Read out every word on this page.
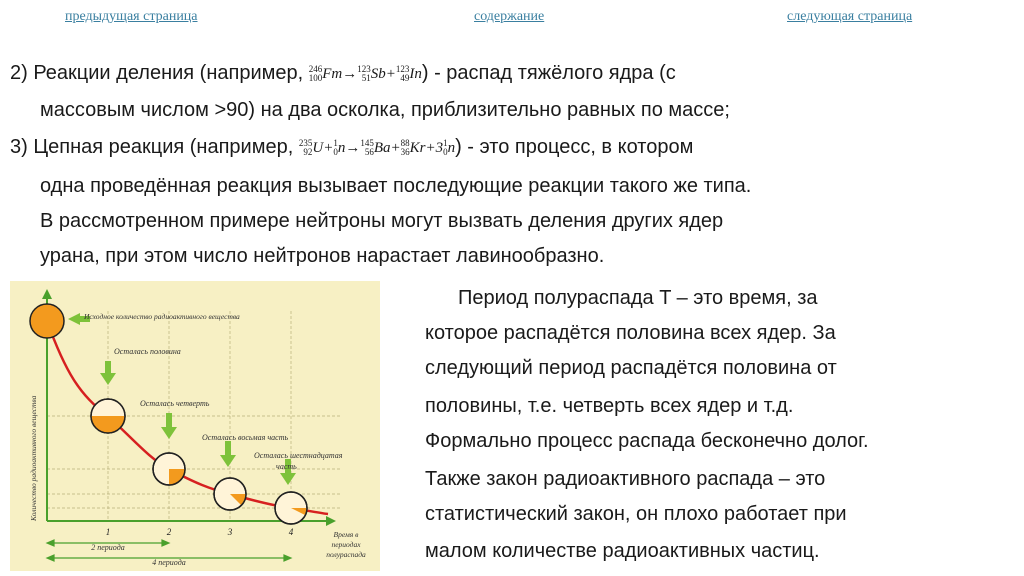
предыдущая страница	содержание	следующая страница
2) Реакции деления (например, 246
100 Fm→ 123
51 Sb+ 123
49 In) - распад тяжёлого ядра (с
массовым числом >90) на два осколка, приблизительно равных по массе;
3) Цепная реакция (например, 235
92 U+ 1
0 n→ 145
56 Ba+ 88
36 Kr+3 1
0 n) - это процесс, в котором
одна проведённая реакция вызывает последующие реакции такого же типа.
В рассмотренном примере нейтроны могут вызвать деления других ядер
урана, при этом число нейтронов нарастает лавинообразно.
Период полураспада T – это время, за
которое распадётся половина всех ядер. За
следующий период распадётся половина от
половины, т.е. четверть всех ядер и т.д.
Формально процесс распада бесконечно долог.
Также закон радиоактивного распада – это
статистический закон, он плохо работает при
малом количестве радиоактивных частиц.
Исходное количество радиоактивного вещества
Осталась половина
Осталась четверть
Осталась восьмая часть
Осталась шестнадцатая
часть
Количество радиоактивного вещества
1	2	3	4
2 периода
4 периода
Время в
периодах
полураспада
